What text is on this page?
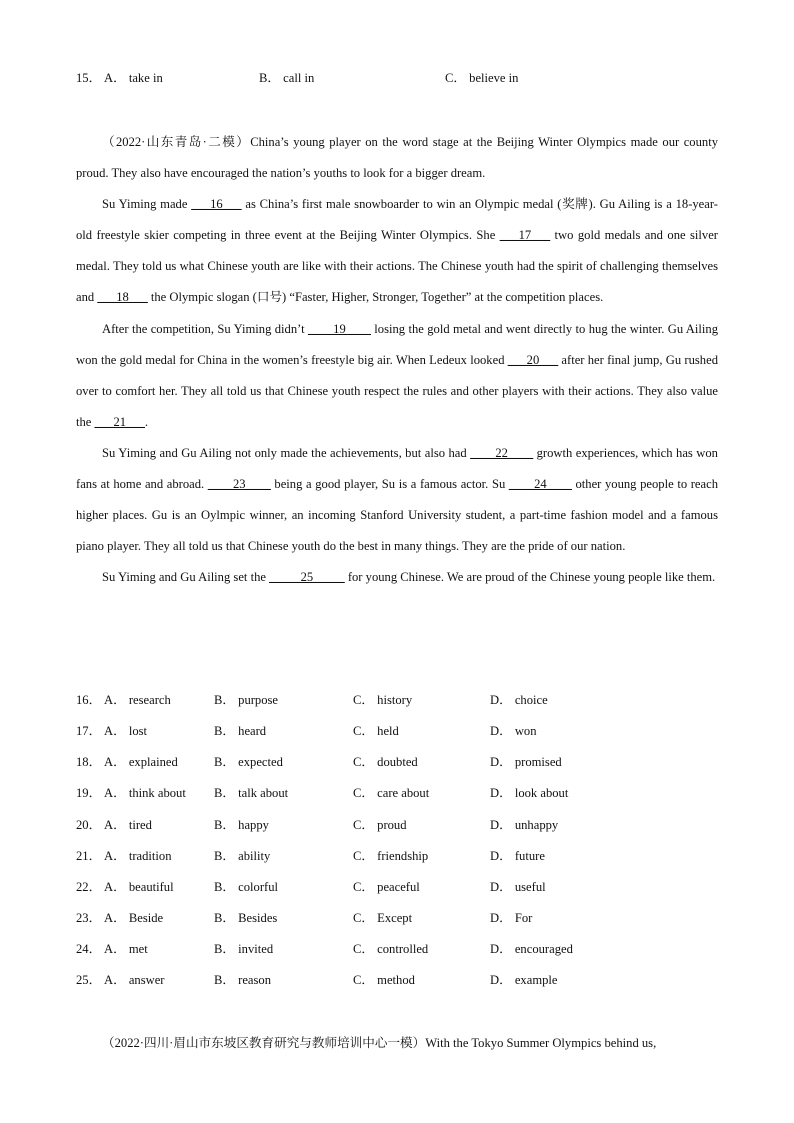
15． A． take in	B． call in	C． believe in

（2022·山东青岛·二模）China’s young player on the word stage at the Beijing Winter Olympics made our county proud. They also have encouraged the nation’s youths to look for a bigger dream.

Su Yiming made ___16___ as China’s first male snowboarder to win an Olympic medal (奖牌). Gu Ailing is a 18-year-old freestyle skier competing in three event at the Beijing Winter Olympics. She ___17___ two gold medals and one silver medal. They told us what Chinese youth are like with their actions. The Chinese youth had the spirit of challenging themselves and ___18___ the Olympic slogan (口号) “Faster, Higher, Stronger, Together” at the competition places.

After the competition, Su Yiming didn’t ____19____ losing the gold metal and went directly to hug the winter. Gu Ailing won the gold medal for China in the women’s freestyle big air. When Ledeux looked ___20___ after her final jump, Gu rushed over to comfort her. They all told us that Chinese youth respect the rules and other players with their actions. They also value the ___21___.

Su Yiming and Gu Ailing not only made the achievements, but also had ____22____ growth experiences, which has won fans at home and abroad. ____23____ being a good player, Su is a famous actor. Su ____24____ other young people to reach higher places. Gu is an Oylmpic winner, an incoming Stanford University student, a part-time fashion model and a famous piano player. They all told us that Chinese youth do the best in many things. They are the pride of our nation.

Su Yiming and Gu Ailing set the _____25_____ for young Chinese. We are proud of the Chinese young people like them.

16． A． research	B． purpose	C． history	D． choice
17． A． lost	B． heard	C． held	D． won
18． A． explained	B． expected	C． doubted	D． promised
19． A． think about B． talk about	C． care about	D． look about
20． A． tired	B． happy	C． proud	D． unhappy
21． A． tradition	B． ability	C． friendship	D． future
22． A． beautiful	B． colorful	C． peaceful	D． useful
23． A． Beside	B． Besides	C． Except	D． For
24． A． met	B． invited	C． controlled	D． encouraged
25． A． answer	B． reason	C． method	D． example
（2022·四川·眉山市东坡区教育研究与教师培训中心一模）With the Tokyo Summer Olympics behind us,
